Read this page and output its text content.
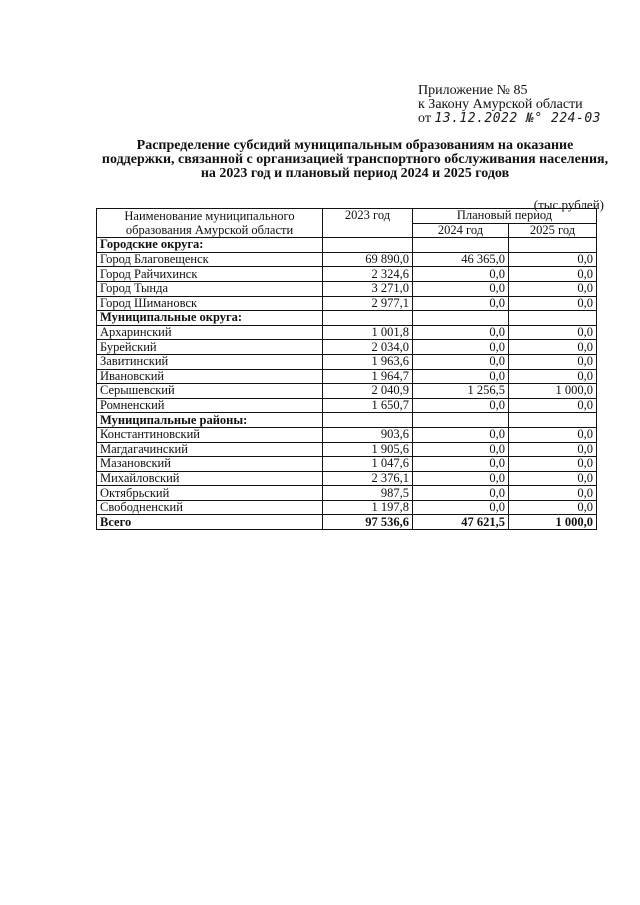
Приложение № 85
к Закону Амурской области
от 13.12.2022 №° 224-03
Распределение субсидий муниципальным образованиям на оказание поддержки, связанной с организацией транспортного обслуживания населения, на 2023 год и плановый период 2024 и 2025 годов
(тыс.рублей)
Наименование муниципального образования Амурской области	2023 год	Плановый период	
		2024 год	2025 год
Городские округа:			
Город Благовещенск	69 890,0	46 365,0	0,0
Город Райчихинск	2 324,6	0,0	0,0
Город Тында	3 271,0	0,0	0,0
Город Шимановск	2 977,1	0,0	0,0
Муниципальные округа:			
Архаринский	1 001,8	0,0	0,0
Бурейский	2 034,0	0,0	0,0
Завитинский	1 963,6	0,0	0,0
Ивановский	1 964,7	0,0	0,0
Серышевский	2 040,9	1 256,5	1 000,0
Ромненский	1 650,7	0,0	0,0
Муниципальные районы:			
Константиновский	903,6	0,0	0,0
Магдагачинский	1 905,6	0,0	0,0
Мазановский	1 047,6	0,0	0,0
Михайловский	2 376,1	0,0	0,0
Октябрьский	987,5	0,0	0,0
Свободненский	1 197,8	0,0	0,0
Всего	97 536,6	47 621,5	1 000,0
